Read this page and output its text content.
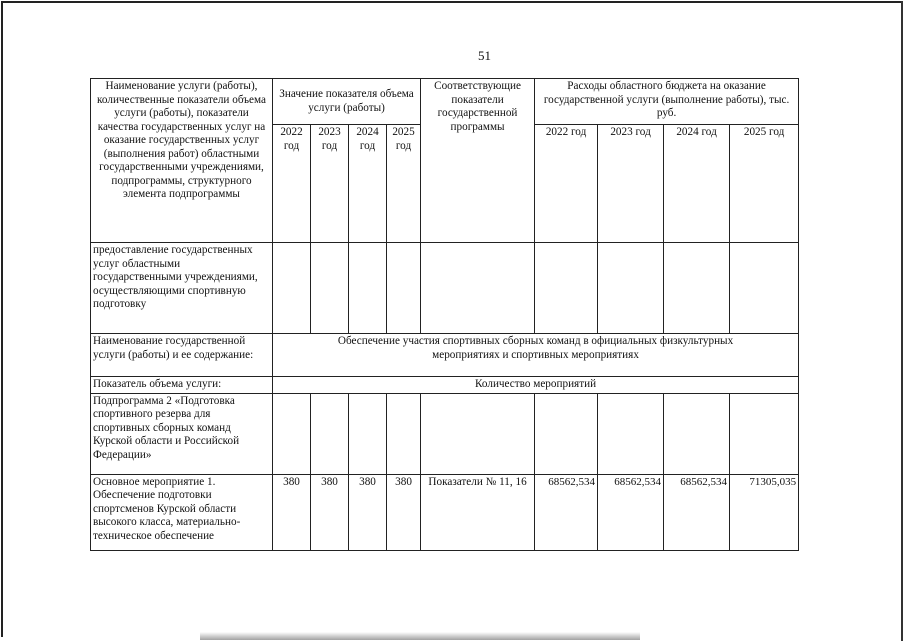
51
Наименование услуги (работы), количественные показатели объема услуги (работы), показатели качества государственных услуг на оказание государственных услуг (выполнения работ) областными государственными учреждениями, подпрограммы, структурного элемента подпрограммы	Значение показателя объема услуги (работы)				Соответствующие показатели государственной программы	Расходы областного бюджета на оказание государственной услуги (выполнение работы), тыс. руб.			
	2022 год	2023 год	2024 год	2025 год		2022 год	2023 год	2024 год	2025 год
предоставление государственных услуг областными государственными учреждениями, осуществляющими спортивную подготовку									
Наименование государственной услуги (работы) и ее содержание:	Обеспечение участия спортивных сборных команд в официальных физкультурных мероприятиях и спортивных мероприятиях								
Показатель объема услуги:	Количество мероприятий								
Подпрограмма 2 «Подготовка спортивного резерва для спортивных сборных команд Курской области и Российской Федерации»									
Основное мероприятие 1. Обеспечение подготовки спортсменов Курской области высокого класса, материально-техническое обеспечение	380	380	380	380	Показатели № 11, 16	68562,534	68562,534	68562,534	71305,035
